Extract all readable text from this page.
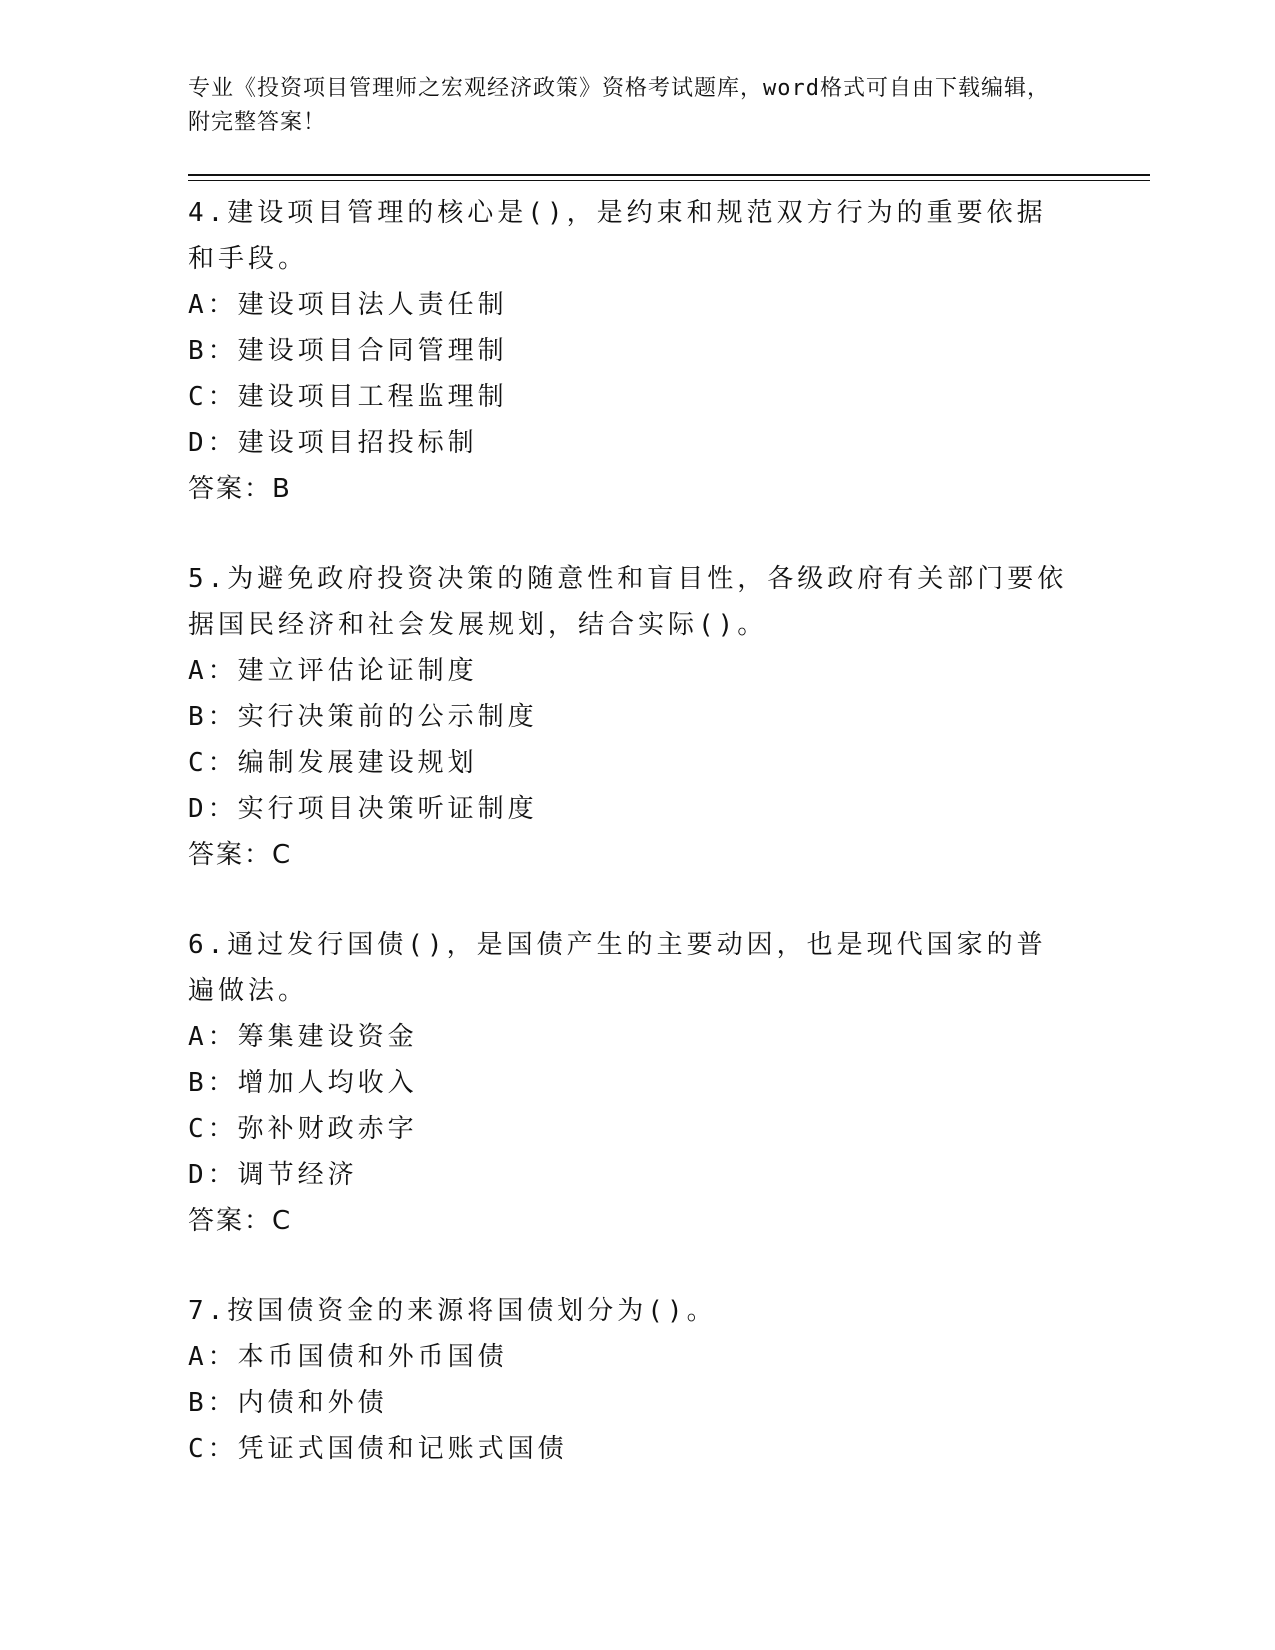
专业《投资项目管理师之宏观经济政策》资格考试题库，word格式可自由下载编辑，附完整答案！
4.建设项目管理的核心是()，是约束和规范双方行为的重要依据和手段。
A：建设项目法人责任制
B：建设项目合同管理制
C：建设项目工程监理制
D：建设项目招投标制
答案：B
5.为避免政府投资决策的随意性和盲目性，各级政府有关部门要依据国民经济和社会发展规划，结合实际()。
A：建立评估论证制度
B：实行决策前的公示制度
C：编制发展建设规划
D：实行项目决策听证制度
答案：C
6.通过发行国债()，是国债产生的主要动因，也是现代国家的普遍做法。
A：筹集建设资金
B：增加人均收入
C：弥补财政赤字
D：调节经济
答案：C
7.按国债资金的来源将国债划分为()。
A：本币国债和外币国债
B：内债和外债
C：凭证式国债和记账式国债
